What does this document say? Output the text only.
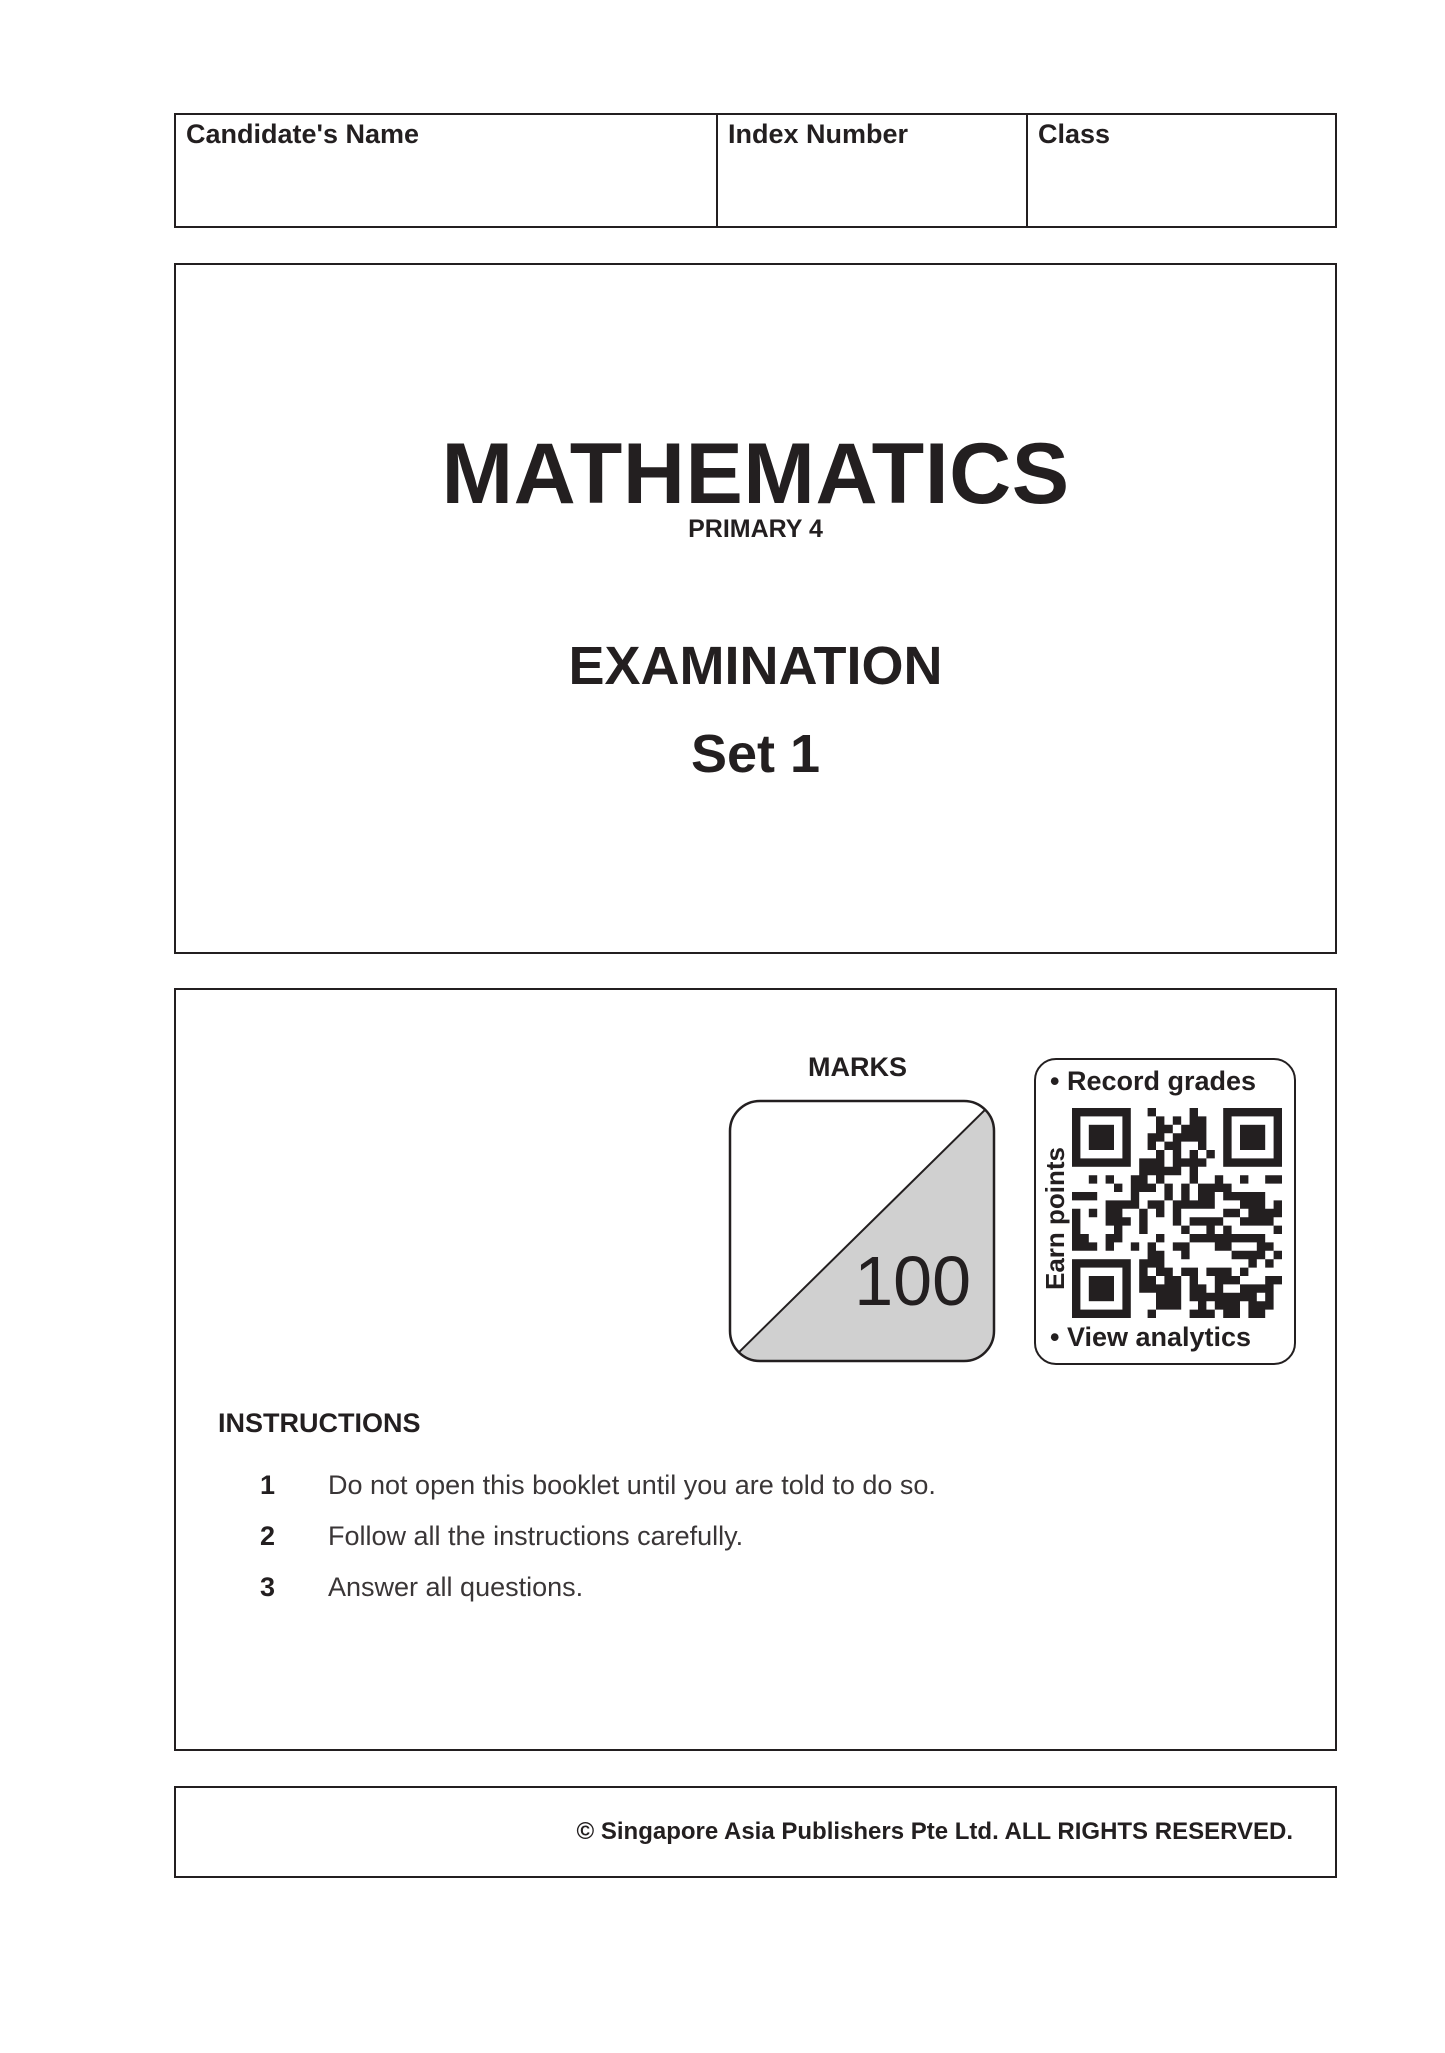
Candidate's Name	Index Number	Class
MATHEMATICS
PRIMARY 4
EXAMINATION
Set 1
MARKS
100
• Record grades
Earn points
• View analytics
INSTRUCTIONS
1	Do not open this booklet until you are told to do so.
2	Follow all the instructions carefully.
3	Answer all questions.
© Singapore Asia Publishers Pte Ltd. ALL RIGHTS RESERVED.
